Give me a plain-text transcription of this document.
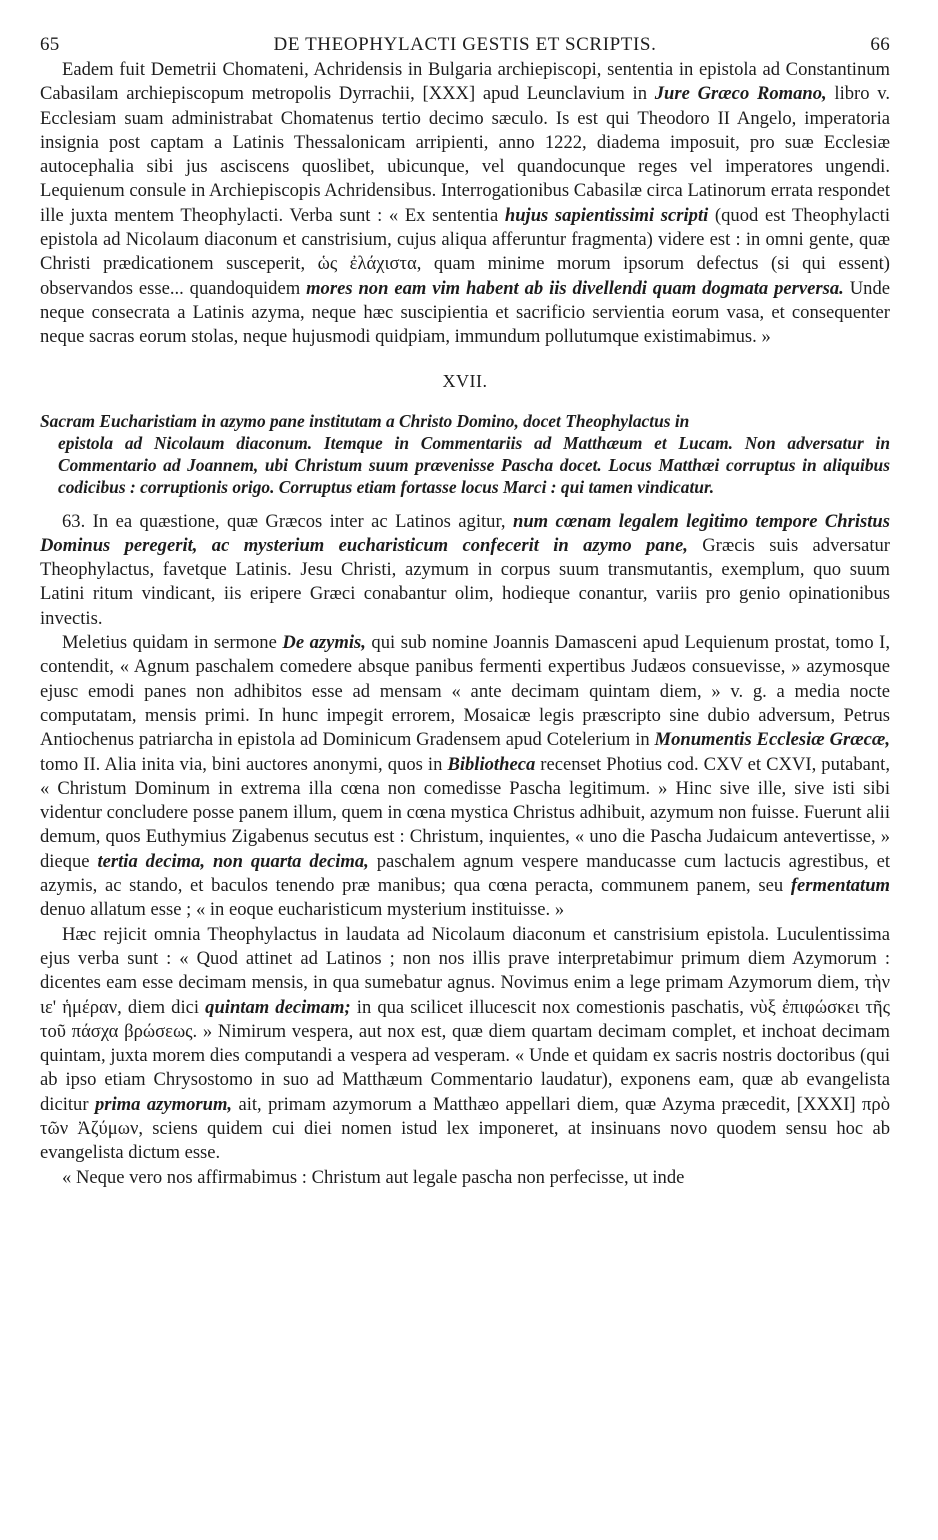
65	DE THEOPHYLACTI GESTIS ET SCRIPTIS.	66

Eadem fuit Demetrii Chomateni, Achridensis in Bulgaria archiepiscopi, sententia in epistola ad Constantinum Cabasilam archiepiscopum metropolis Dyrrachii, [XXX] apud Leunclavium in Jure Græco Romano, libro v. Ecclesiam suam administrabat Chomatenus tertio decimo sæculo. Is est qui Theodoro II Angelo, imperatoria insignia post captam a Latinis Thessalonicam arripienti, anno 1222, diadema imposuit, pro suæ Ecclesiæ autocephalia sibi jus asciscens quoslibet, ubicunque, vel quandocunque reges vel imperatores ungendi. Lequienum consule in Archiepiscopis Achridensibus. Interrogationibus Cabasilæ circa Latinorum errata respondet ille juxta mentem Theophylacti. Verba sunt : « Ex sententia hujus sapientissimi scripti (quod est Theophylacti epistola ad Nicolaum diaconum et canstrisium, cujus aliqua afferuntur fragmenta) videre est : in omni gente, quæ Christi prædicationem susceperit, ὡς ἐλάχιστα, quam minime morum ipsorum defectus (si qui essent) observandos esse... quandoquidem mores non eam vim habent ab iis divellendi quam dogmata perversa. Unde neque consecrata a Latinis azyma, neque hæc suscipientia et sacrificio servientia eorum vasa, et consequenter neque sacras eorum stolas, neque hujusmodi quidpiam, immundum pollutumque existimabimus. »

XVII.

Sacram Eucharistiam in azymo pane institutam a Christo Domino, docet Theophylactus in
epistola ad Nicolaum diaconum. Itemque in Commentariis ad Matthæum et Lucam. Non adversatur in Commentario ad Joannem, ubi Christum suum prævenisse Pascha docet. Locus Matthæi corruptus in aliquibus codicibus : corruptionis origo. Corruptus etiam fortasse locus Marci : qui tamen vindicatur.

63. In ea quæstione, quæ Græcos inter ac Latinos agitur, num cœnam legalem legitimo tempore Christus Dominus peregerit, ac mysterium eucharisticum confecerit in azymo pane, Græcis suis adversatur Theophylactus, favetque Latinis. Jesu Christi, azymum in corpus suum transmutantis, exemplum, quo suum Latini ritum vindicant, iis eripere Græci conabantur olim, hodieque conantur, variis pro genio opinationibus invectis.

Meletius quidam in sermone De azymis, qui sub nomine Joannis Damasceni apud Lequienum prostat, tomo I, contendit, « Agnum paschalem comedere absque panibus fermenti expertibus Judæos consuevisse, » azymosque ejusc emodi panes non adhibitos esse ad mensam « ante decimam quintam diem, » v. g. a media nocte computatam, mensis primi. In hunc impegit errorem, Mosaicæ legis præscripto sine dubio adversum, Petrus Antiochenus patriarcha in epistola ad Dominicum Gradensem apud Cotelerium in Monumentis Ecclesiæ Græcæ, tomo II. Alia inita via, bini auctores anonymi, quos in Bibliotheca recenset Photius cod. CXV et CXVI, putabant, « Christum Dominum in extrema illa cœna non comedisse Pascha legitimum. » Hinc sive ille, sive isti sibi videntur concludere posse panem illum, quem in cœna mystica Christus adhibuit, azymum non fuisse. Fuerunt alii demum, quos Euthymius Zigabenus secutus est : Christum, inquientes, « uno die Pascha Judaicum antevertisse, » dieque tertia decima, non quarta decima, paschalem agnum vespere manducasse cum lactucis agrestibus, et azymis, ac stando, et baculos tenendo præ manibus; qua cœna peracta, communem panem, seu fermentatum denuo allatum esse ; « in eoque eucharisticum mysterium instituisse. »

Hæc rejicit omnia Theophylactus in laudata ad Nicolaum diaconum et canstrisium epistola. Luculentissima ejus verba sunt : « Quod attinet ad Latinos ; non nos illis prave interpretabimur primum diem Azymorum : dicentes eam esse decimam mensis, in qua sumebatur agnus. Novimus enim a lege primam Azymorum diem, τὴν ιε' ἡμέραν, diem dici quintam decimam; in qua scilicet illucescit nox comestionis paschatis, νὺξ ἐπιφώσκει τῆς τοῦ πάσχα βρώσεως. » Nimirum vespera, aut nox est, quæ diem quartam decimam complet, et inchoat decimam quintam, juxta morem dies computandi a vespera ad vesperam. « Unde et quidam ex sacris nostris doctoribus (qui ab ipso etiam Chrysostomo in suo ad Matthæum Commentario laudatur), exponens eam, quæ ab evangelista dicitur prima azymorum, ait, primam azymorum a Matthæo appellari diem, quæ Azyma præcedit, [XXXI] πρὸ τῶν Ἀζύμων, sciens quidem cui diei nomen istud lex imponeret, at insinuans novo quodem sensu hoc ab evangelista dictum esse.

« Neque vero nos affirmabimus : Christum aut legale pascha non perfecisse, ut inde
